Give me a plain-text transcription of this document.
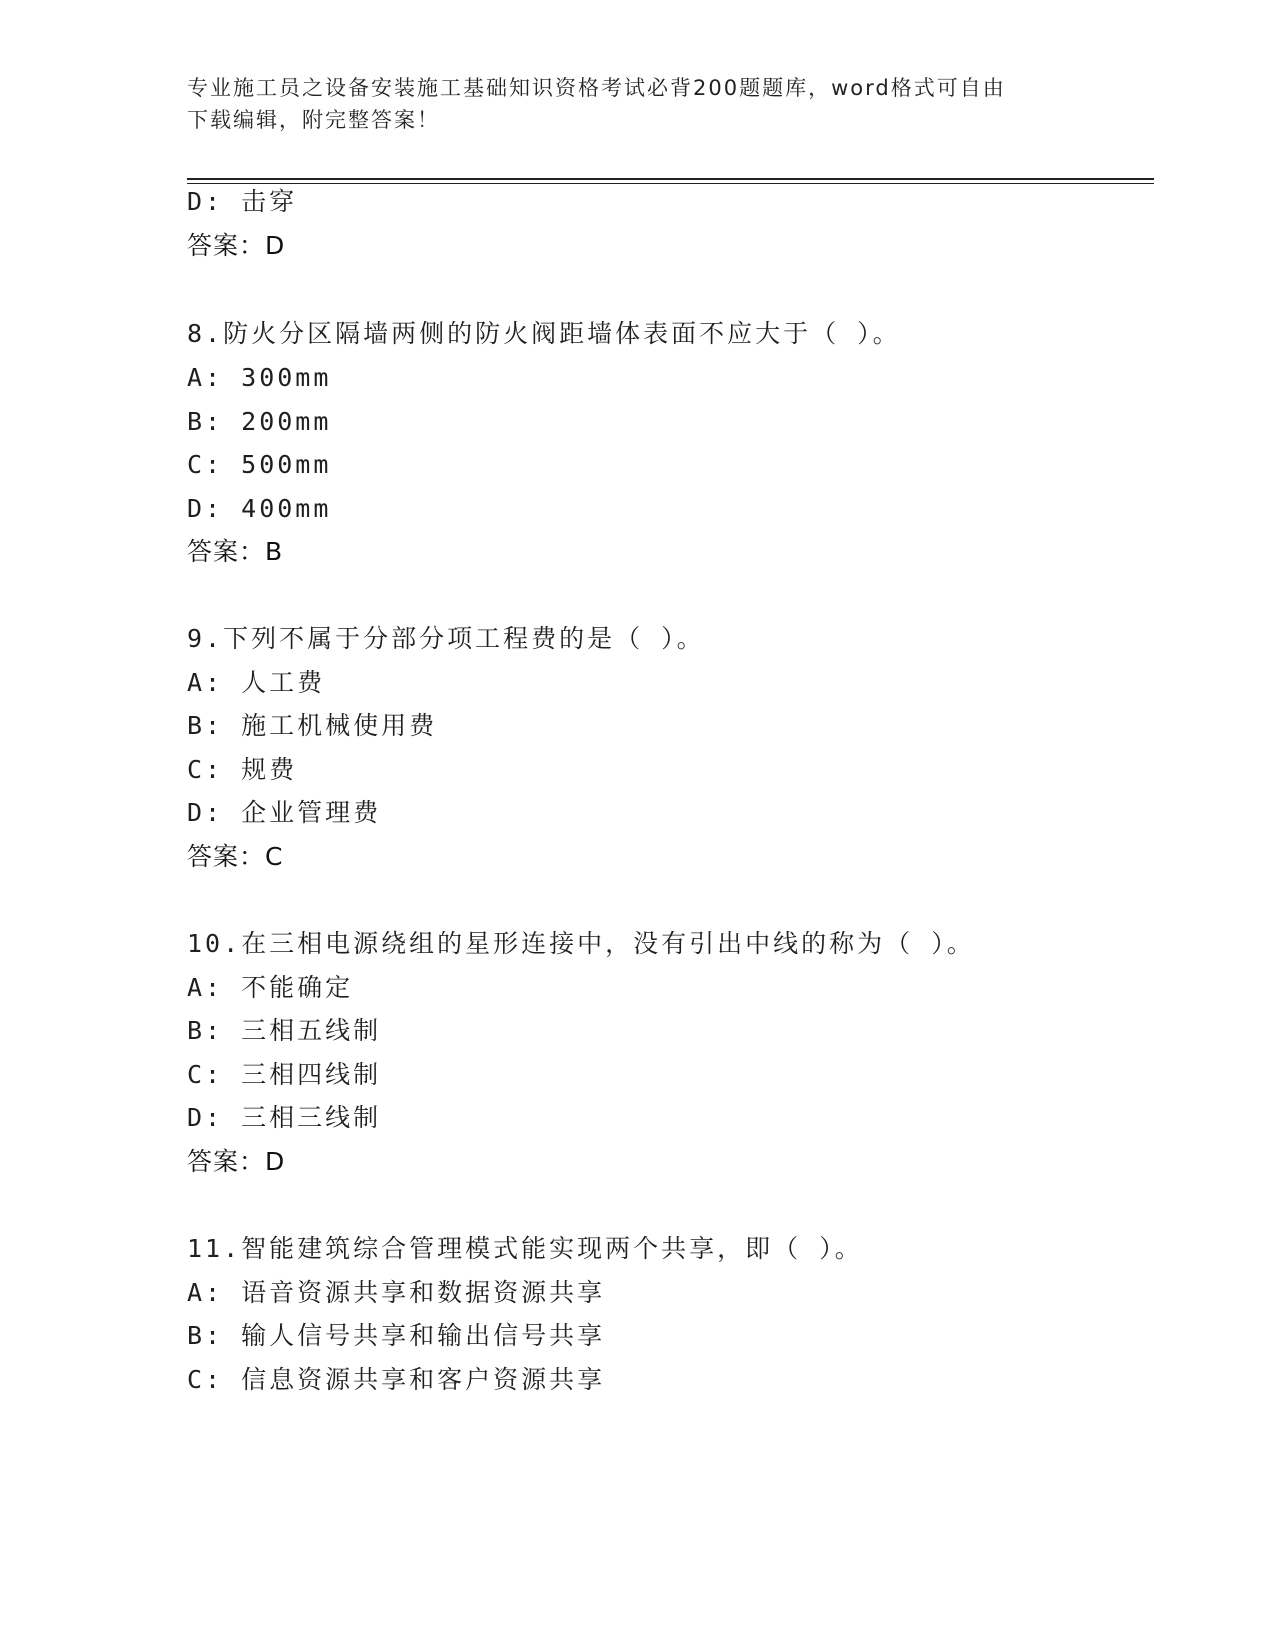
专业施工员之设备安装施工基础知识资格考试必背200题题库，word格式可自由
下载编辑，附完整答案！
D: 击穿
答案：D
8.防火分区隔墙两侧的防火阀距墙体表面不应大于（ ）。
A: 300mm
B: 200mm
C: 500mm
D: 400mm
答案：B
9.下列不属于分部分项工程费的是（ ）。
A: 人工费
B: 施工机械使用费
C: 规费
D: 企业管理费
答案：C
10.在三相电源绕组的星形连接中，没有引出中线的称为（ ）。
A: 不能确定
B: 三相五线制
C: 三相四线制
D: 三相三线制
答案：D
11.智能建筑综合管理模式能实现两个共享，即（ ）。
A: 语音资源共享和数据资源共享
B: 输人信号共享和输出信号共享
C: 信息资源共享和客户资源共享
